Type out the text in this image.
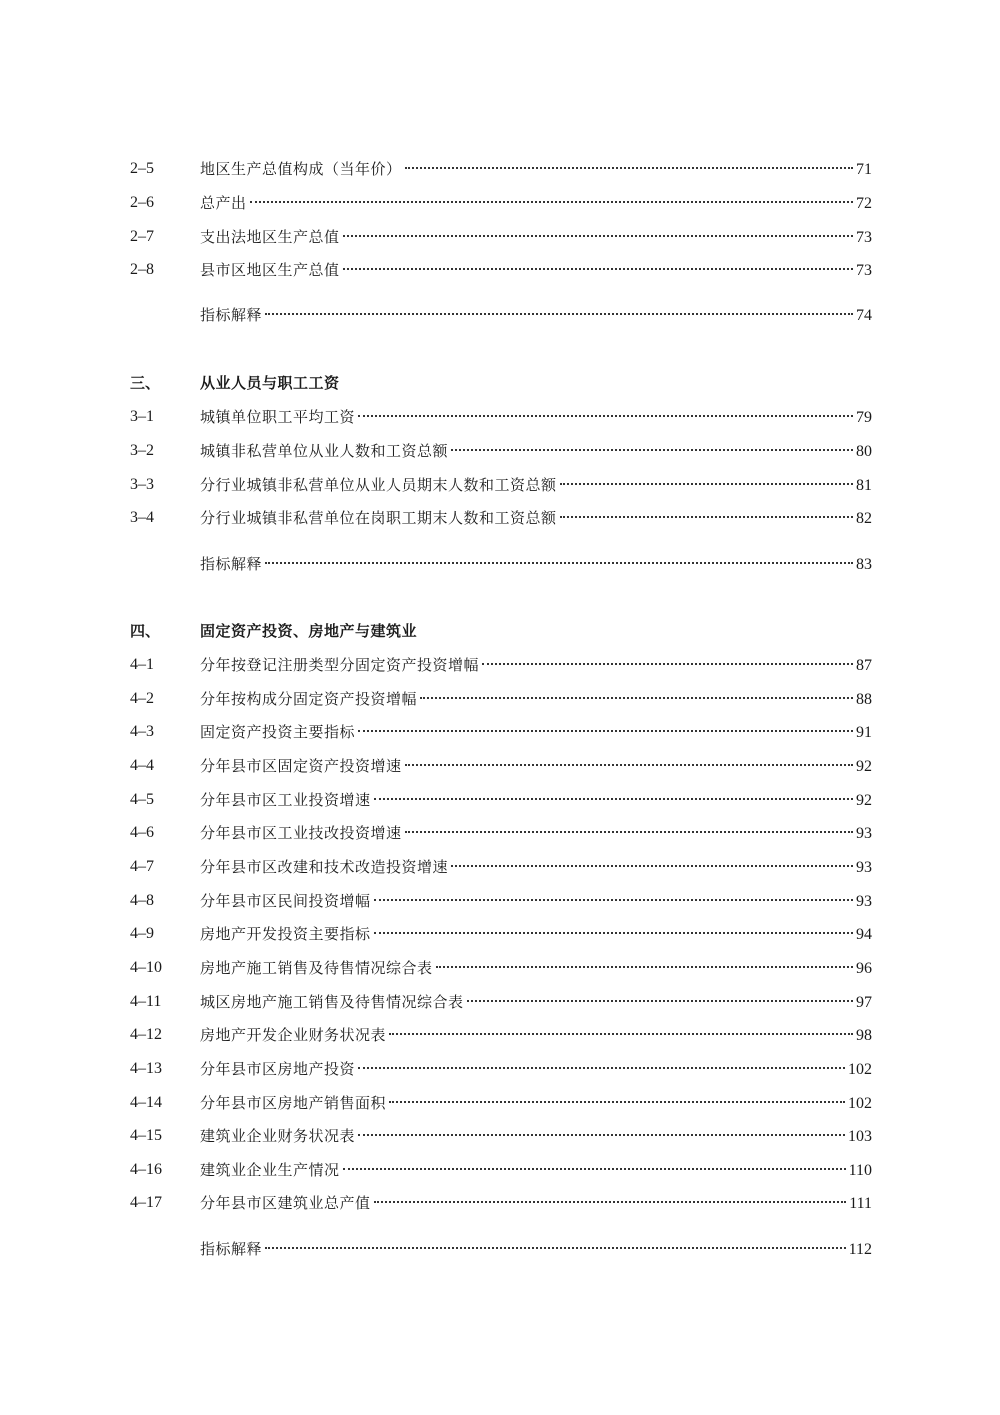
2–5	地区生产总值构成（当年价）	71
2–6	总产出	72
2–7	支出法地区生产总值	73
2–8	县市区地区生产总值	73
指标解释	74
三、	从业人员与职工工资
3–1	城镇单位职工平均工资	79
3–2	城镇非私营单位从业人数和工资总额	80
3–3	分行业城镇非私营单位从业人员期末人数和工资总额	81
3–4	分行业城镇非私营单位在岗职工期末人数和工资总额	82
指标解释	83
四、	固定资产投资、房地产与建筑业
4–1	分年按登记注册类型分固定资产投资增幅	87
4–2	分年按构成分固定资产投资增幅	88
4–3	固定资产投资主要指标	91
4–4	分年县市区固定资产投资增速	92
4–5	分年县市区工业投资增速	92
4–6	分年县市区工业技改投资增速	93
4–7	分年县市区改建和技术改造投资增速	93
4–8	分年县市区民间投资增幅	93
4–9	房地产开发投资主要指标	94
4–10	房地产施工销售及待售情况综合表	96
4–11	城区房地产施工销售及待售情况综合表	97
4–12	房地产开发企业财务状况表	98
4–13	分年县市区房地产投资	102
4–14	分年县市区房地产销售面积	102
4–15	建筑业企业财务状况表	103
4–16	建筑业企业生产情况	110
4–17	分年县市区建筑业总产值	111
指标解释	112
